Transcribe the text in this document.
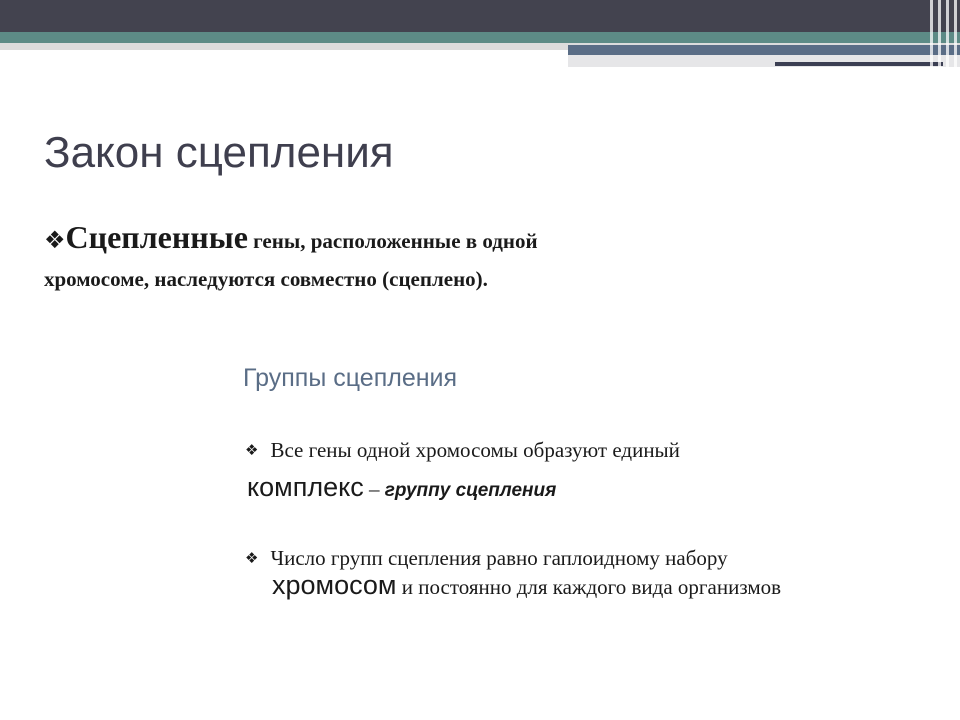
Закон сцепления
❖Сцепленные гены, расположенные в одной
хромосоме, наследуются совместно (сцеплено).
Группы сцепления
❖ Все гены одной хромосомы образуют единый
комплекс – группу сцепления
❖ Число групп сцепления равно гаплоидному набору
хромосом и постоянно для каждого вида организмов
